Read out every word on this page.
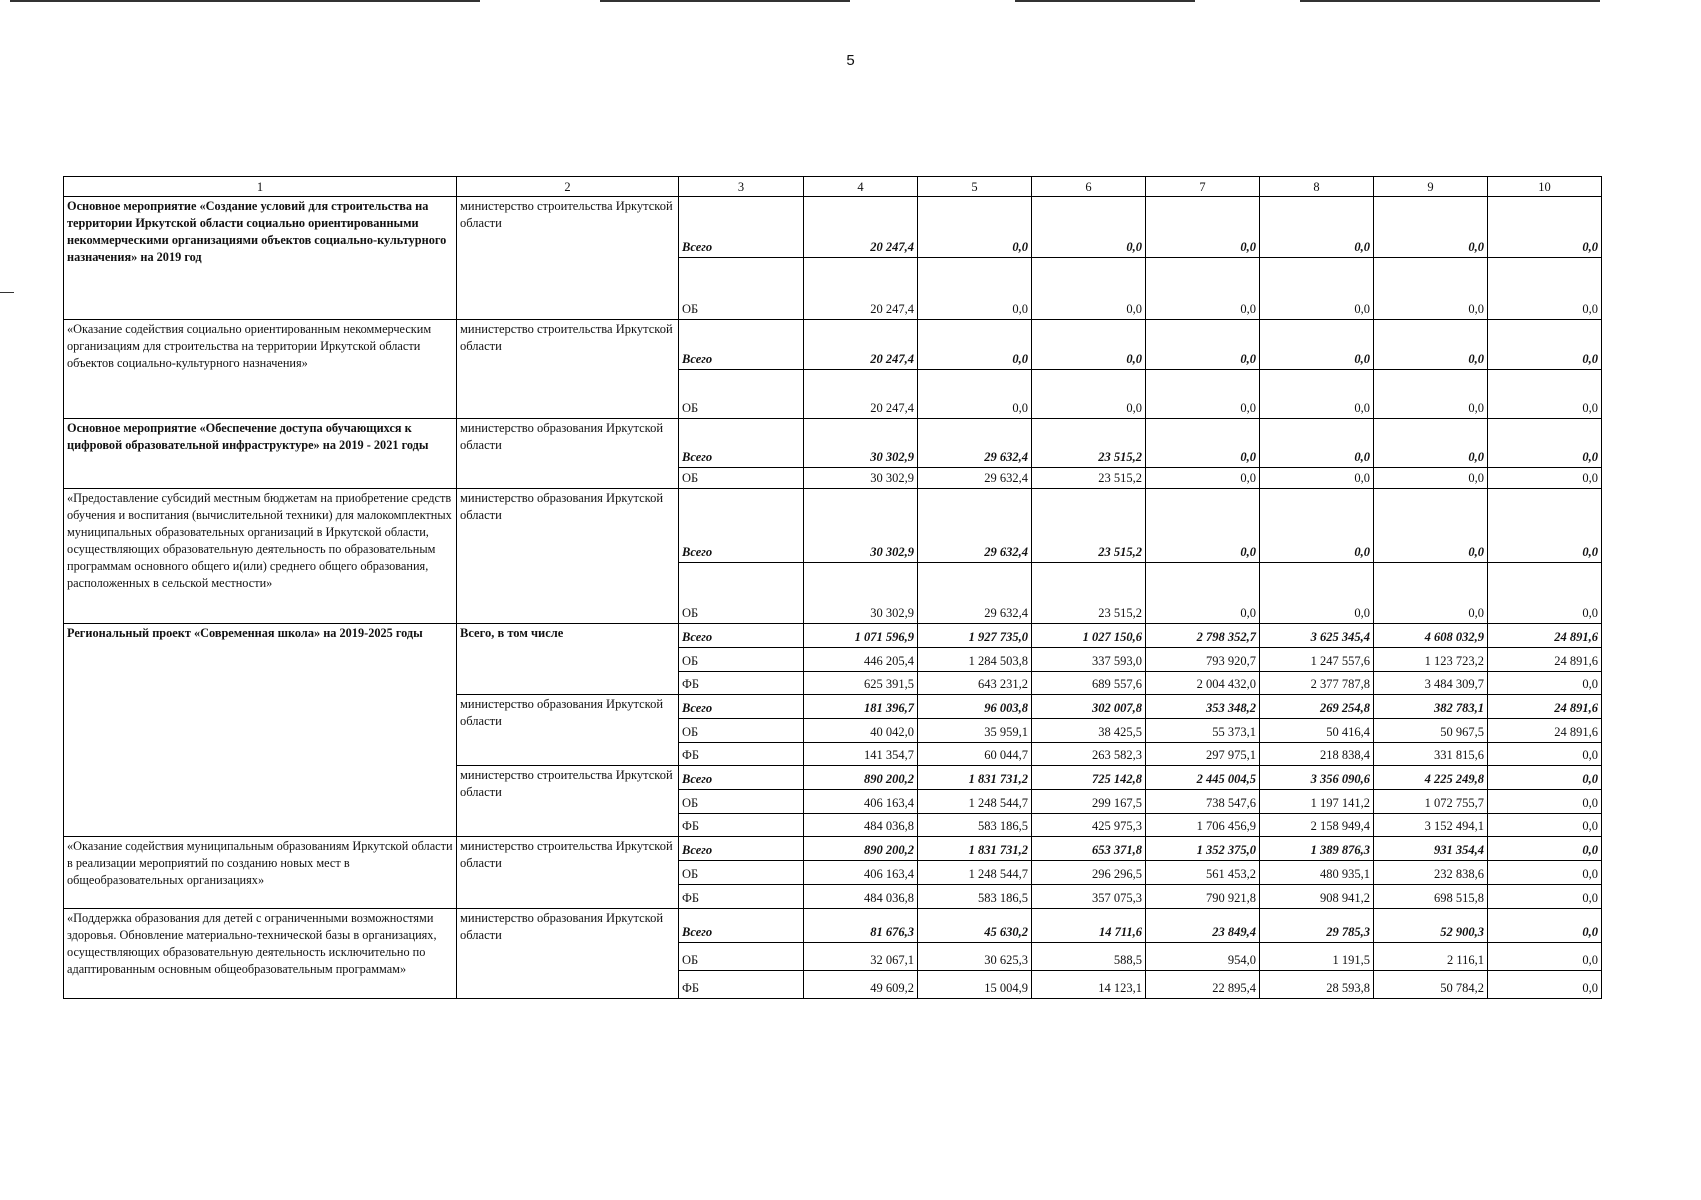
5
1	2	3	4	5	6	7	8	9	10
Основное мероприятие «Создание условий для строительства на территории Иркутской области социально ориентированными некоммерческими организациями объектов социально-культурного назначения» на 2019 год	министерство строительства Иркутской области	Всего	20 247,4	0,0	0,0	0,0	0,0	0,0	0,0
		ОБ	20 247,4	0,0	0,0	0,0	0,0	0,0	0,0
«Оказание содействия социально ориентированным некоммерческим организациям для строительства на территории Иркутской области объектов социально-культурного назначения»	министерство строительства Иркутской области	Всего	20 247,4	0,0	0,0	0,0	0,0	0,0	0,0
		ОБ	20 247,4	0,0	0,0	0,0	0,0	0,0	0,0
Основное мероприятие «Обеспечение доступа обучающихся к цифровой образовательной инфраструктуре» на 2019 - 2021 годы	министерство образования Иркутской области	Всего	30 302,9	29 632,4	23 515,2	0,0	0,0	0,0	0,0
		ОБ	30 302,9	29 632,4	23 515,2	0,0	0,0	0,0	0,0
«Предоставление субсидий местным бюджетам на приобретение средств обучения и воспитания (вычислительной техники) для малокомплектных муниципальных образовательных организаций в Иркутской области, осуществляющих образовательную деятельность по образовательным программам основного общего и(или) среднего общего образования, расположенных в сельской местности»	министерство образования Иркутской области	Всего	30 302,9	29 632,4	23 515,2	0,0	0,0	0,0	0,0
		ОБ	30 302,9	29 632,4	23 515,2	0,0	0,0	0,0	0,0
Региональный проект «Современная школа» на 2019-2025 годы	Всего, в том числе	Всего	1 071 596,9	1 927 735,0	1 027 150,6	2 798 352,7	3 625 345,4	4 608 032,9	24 891,6
		ОБ	446 205,4	1 284 503,8	337 593,0	793 920,7	1 247 557,6	1 123 723,2	24 891,6
		ФБ	625 391,5	643 231,2	689 557,6	2 004 432,0	2 377 787,8	3 484 309,7	0,0
	министерство образования Иркутской области	Всего	181 396,7	96 003,8	302 007,8	353 348,2	269 254,8	382 783,1	24 891,6
		ОБ	40 042,0	35 959,1	38 425,5	55 373,1	50 416,4	50 967,5	24 891,6
		ФБ	141 354,7	60 044,7	263 582,3	297 975,1	218 838,4	331 815,6	0,0
	министерство строительства Иркутской области	Всего	890 200,2	1 831 731,2	725 142,8	2 445 004,5	3 356 090,6	4 225 249,8	0,0
		ОБ	406 163,4	1 248 544,7	299 167,5	738 547,6	1 197 141,2	1 072 755,7	0,0
		ФБ	484 036,8	583 186,5	425 975,3	1 706 456,9	2 158 949,4	3 152 494,1	0,0
«Оказание содействия муниципальным образованиям Иркутской области в реализации мероприятий по созданию новых мест в общеобразовательных организациях»	министерство строительства Иркутской области	Всего	890 200,2	1 831 731,2	653 371,8	1 352 375,0	1 389 876,3	931 354,4	0,0
		ОБ	406 163,4	1 248 544,7	296 296,5	561 453,2	480 935,1	232 838,6	0,0
		ФБ	484 036,8	583 186,5	357 075,3	790 921,8	908 941,2	698 515,8	0,0
«Поддержка образования для детей с ограниченными возможностями здоровья. Обновление материально-технической базы в организациях, осуществляющих образовательную деятельность исключительно по адаптированным основным общеобразовательным программам»	министерство образования Иркутской области	Всего	81 676,3	45 630,2	14 711,6	23 849,4	29 785,3	52 900,3	0,0
		ОБ	32 067,1	30 625,3	588,5	954,0	1 191,5	2 116,1	0,0
		ФБ	49 609,2	15 004,9	14 123,1	22 895,4	28 593,8	50 784,2	0,0
